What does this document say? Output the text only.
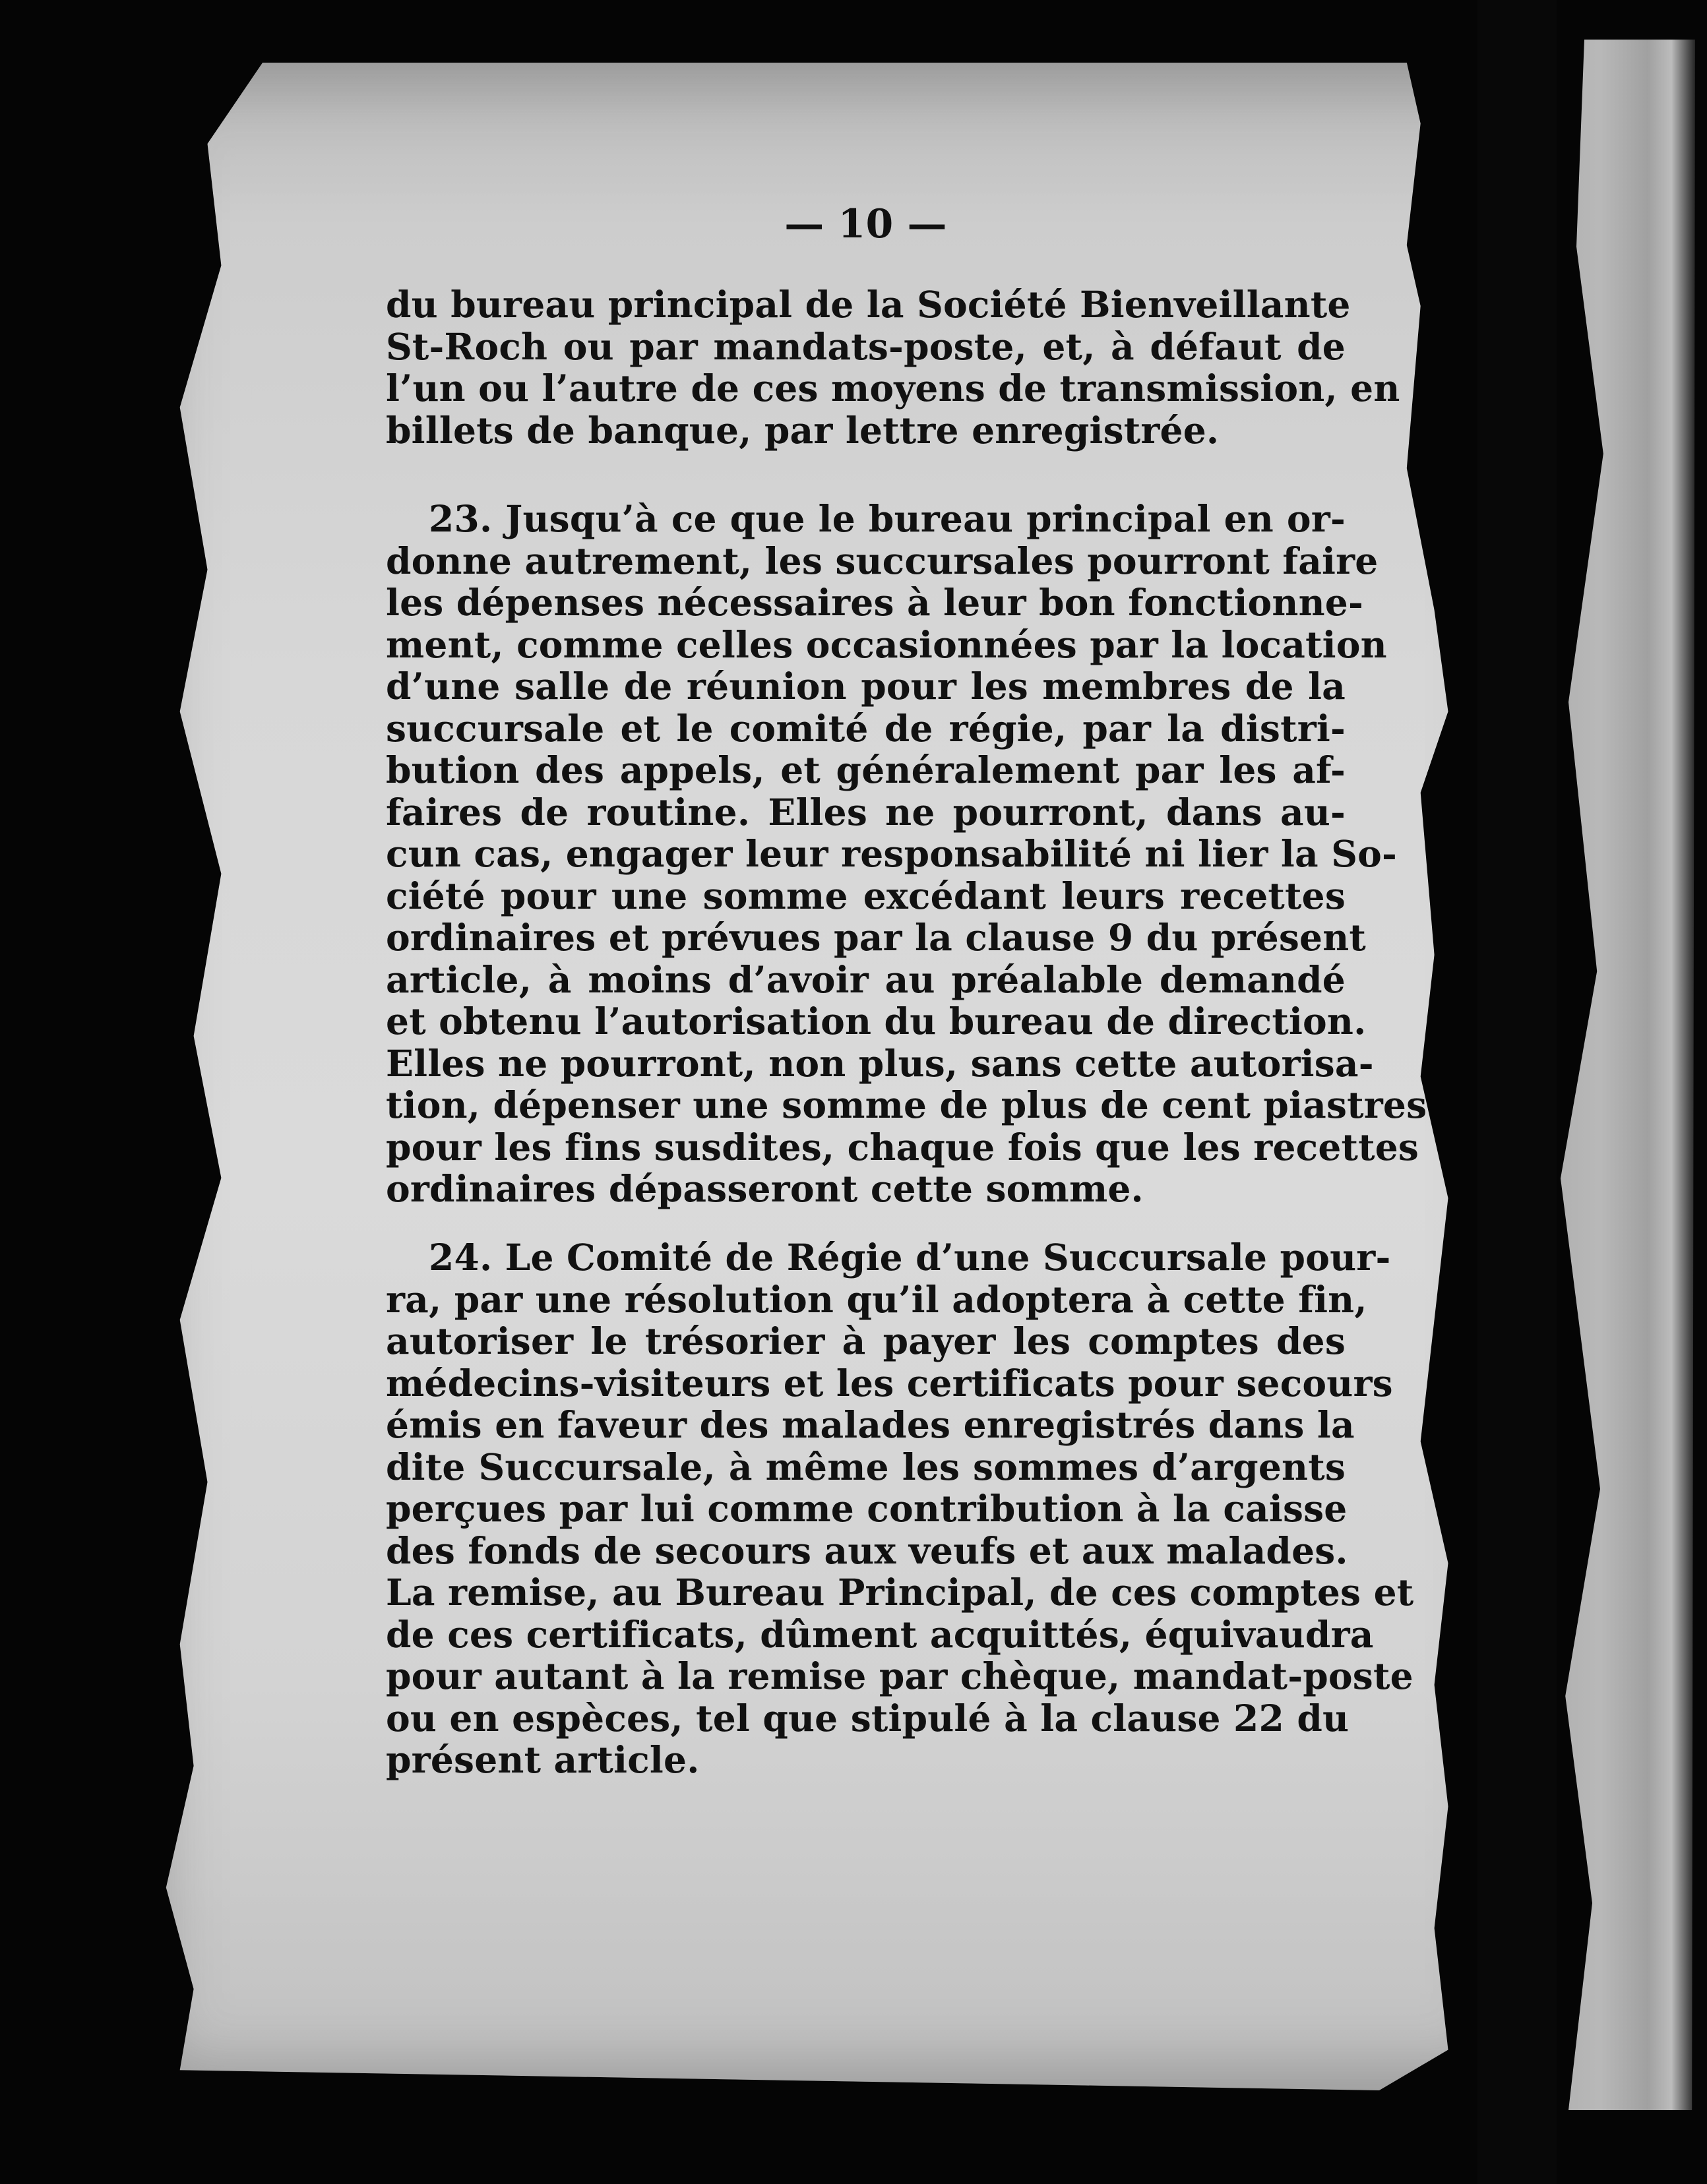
— 10 —
du bureau principal de la Société Bienveillante
St-Roch ou par mandats-poste, et, à défaut de
l’un ou l’autre de ces moyens de transmission, en
billets de banque, par lettre enregistrée.
23. Jusqu’à ce que le bureau principal en or-
donne autrement, les succursales pourront faire
les dépenses nécessaires à leur bon fonctionne-
ment, comme celles occasionnées par la location
d’une salle de réunion pour les membres de la
succursale et le comité de régie, par la distri-
bution des appels, et généralement par les af-
faires de routine. Elles ne pourront, dans au-
cun cas, engager leur responsabilité ni lier la So-
ciété pour une somme excédant leurs recettes
ordinaires et prévues par la clause 9 du présent
article, à moins d’avoir au préalable demandé
et obtenu l’autorisation du bureau de direction.
Elles ne pourront, non plus, sans cette autorisa-
tion, dépenser une somme de plus de cent piastres
pour les fins susdites, chaque fois que les recettes
ordinaires dépasseront cette somme.
24. Le Comité de Régie d’une Succursale pour-
ra, par une résolution qu’il adoptera à cette fin,
autoriser le trésorier à payer les comptes des
médecins-visiteurs et les certificats pour secours
émis en faveur des malades enregistrés dans la
dite Succursale, à même les sommes d’argents
perçues par lui comme contribution à la caisse
des fonds de secours aux veufs et aux malades.
La remise, au Bureau Principal, de ces comptes et
de ces certificats, dûment acquittés, équivaudra
pour autant à la remise par chèque, mandat-poste
ou en espèces, tel que stipulé à la clause 22 du
présent article.
